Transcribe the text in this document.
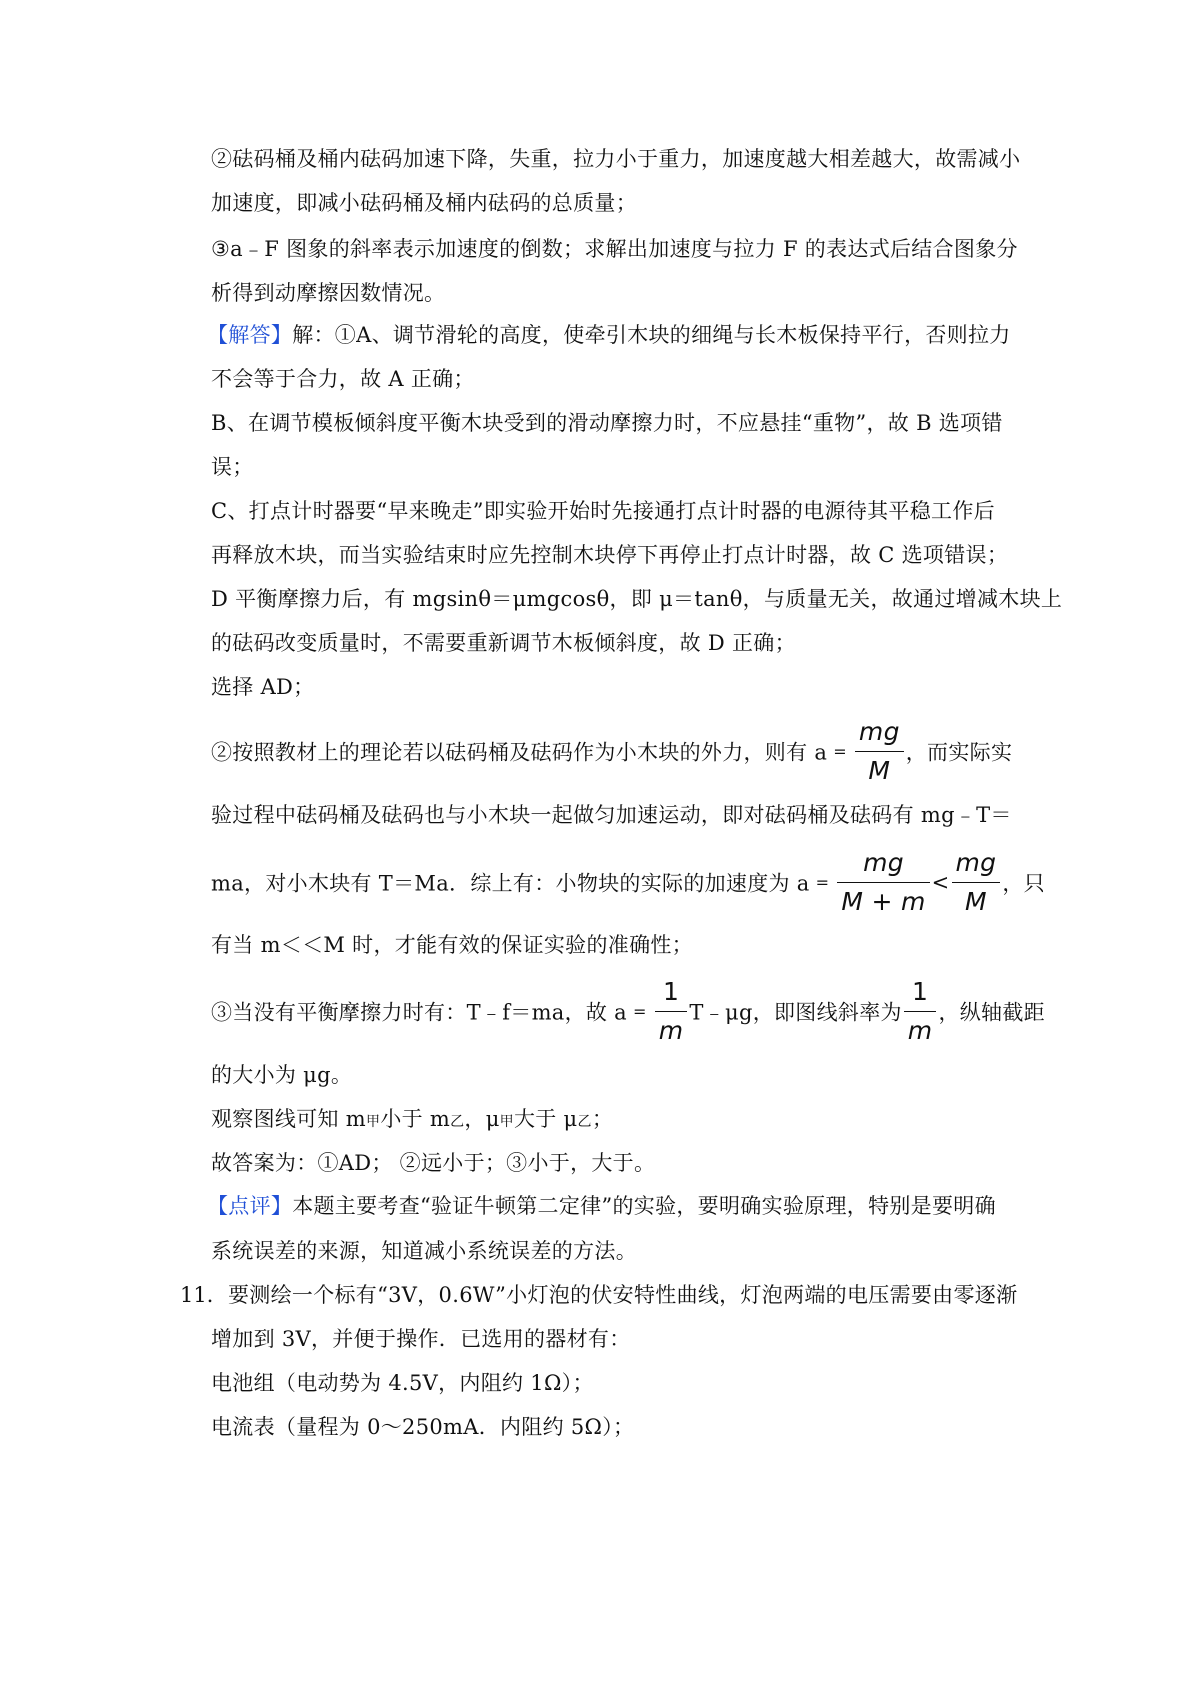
②砝码桶及桶内砝码加速下降，失重，拉力小于重力，加速度越大相差越大，故需减小
加速度，即减小砝码桶及桶内砝码的总质量；
③a﹣F 图象的斜率表示加速度的倒数；求解出加速度与拉力 F 的表达式后结合图象分
析得到动摩擦因数情况。
【解答】解：①A、调节滑轮的高度，使牵引木块的细绳与长木板保持平行，否则拉力
不会等于合力，故 A 正确；
B、在调节模板倾斜度平衡木块受到的滑动摩擦力时，不应悬挂“重物”，故 B 选项错
误；
C、打点计时器要“早来晚走”即实验开始时先接通打点计时器的电源待其平稳工作后
再释放木块，而当实验结束时应先控制木块停下再停止打点计时器，故 C 选项错误；
D 平衡摩擦力后，有 mgsinθ＝μmgcosθ，即 μ＝tanθ，与质量无关，故通过增减木块上
的砝码改变质量时，不需要重新调节木板倾斜度，故 D 正确；
选择 AD；
②按照教材上的理论若以砝码桶及砝码作为小木块的外力，则有 $a = \frac{mg}{M}$ ，而实际实
验过程中砝码桶及砝码也与小木块一起做匀加速运动，即对砝码桶及砝码有 mg﹣T＝
ma，对小木块有 T＝Ma．综上有：小物块的实际的加速度为 $a = \frac{mg}{M + m} < \frac{mg}{M}$ ，只
有当 m＜＜M 时，才能有效的保证实验的准确性；
③当没有平衡摩擦力时有：T﹣f＝ma，故 $a = \frac{1}{m}$ T﹣μg，即图线斜率为 $\frac{1}{m}$ ，纵轴截距
的大小为 μg。
观察图线可知 m甲小于 m乙，μ甲大于 μ乙；
故答案为：①AD； ②远小于；③小于，大于。
【点评】本题主要考查“验证牛顿第二定律”的实验，要明确实验原理，特别是要明确
系统误差的来源，知道减小系统误差的方法。
11． 要测绘一个标有“3V，0.6W”小灯泡的伏安特性曲线，灯泡两端的电压需要由零逐渐
增加到 3V，并便于操作．已选用的器材有：
电池组（电动势为 4.5V，内阻约 1Ω）；
电流表（量程为 0～250mA．内阻约 5Ω）；
